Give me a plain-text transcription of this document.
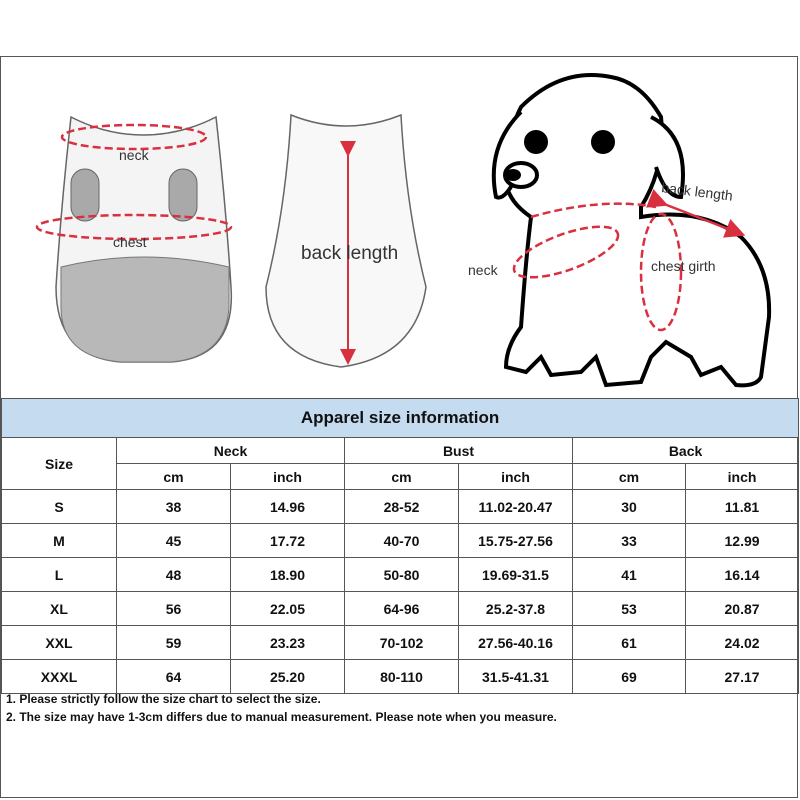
neck
chest
back length
back length
neck	chest girth
Apparel size information						
Size	Neck		Bust		Back	
	cm	inch	cm	inch	cm	inch
S	38	14.96	28-52	11.02-20.47	30	11.81
M	45	17.72	40-70	15.75-27.56	33	12.99
L	48	18.90	50-80	19.69-31.5	41	16.14
XL	56	22.05	64-96	25.2-37.8	53	20.87
XXL	59	23.23	70-102	27.56-40.16	61	24.02
XXXL	64	25.20	80-110	31.5-41.31	69	27.17
1. Please strictly follow the size chart to select the size.
2. The size may have 1-3cm differs due to manual measurement. Please note when you measure.
